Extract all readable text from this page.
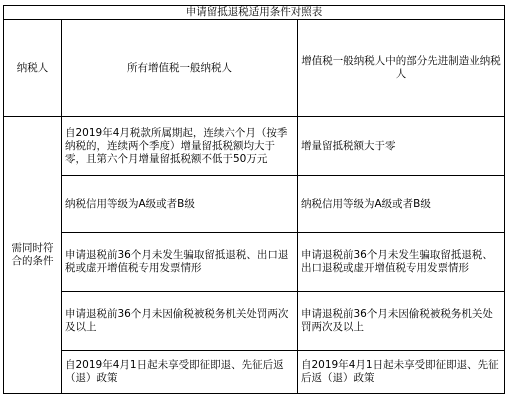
申请留抵退税适用条件对照表		
纳税人	所有增值税一般纳税人	增值税一般纳税人中的部分先进制造业纳税人
需同时符合的条件	自2019年4月税款所属期起，连续六个月（按季纳税的，连续两个季度）增量留抵税额均大于零，且第六个月增量留抵税额不低于50万元	增量留抵税额大于零
	纳税信用等级为A级或者B级	纳税信用等级为A级或者B级
	申请退税前36个月未发生骗取留抵退税、出口退税或虚开增值税专用发票情形	申请退税前36个月未发生骗取留抵退税、出口退税或虚开增值税专用发票情形
	申请退税前36个月未因偷税被税务机关处罚两次及以上	申请退税前36个月未因偷税被税务机关处罚两次及以上
	自2019年4月1日起未享受即征即退、先征后返（退）政策	自2019年4月1日起未享受即征即退、先征后返（退）政策
